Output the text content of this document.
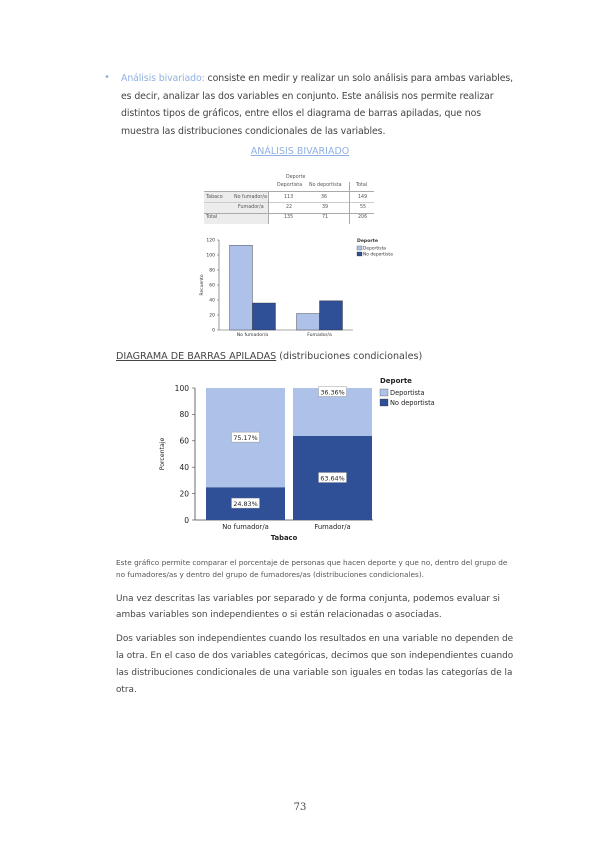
• Análisis bivariado: consiste en medir y realizar un solo análisis para ambas variables, es decir, analizar las dos variables en conjunto. Este análisis nos permite realizar distintos tipos de gráficos, entre ellos el diagrama de barras apiladas, que nos muestra las distribuciones condicionales de las variables.
ANÁLISIS BIVARIADO
Deporte
Deportista No deportista	Total
Tabaco No fumador/a	113	36	149
Fumador/a	22	39	55
Total	135	71	206
0
20
40
60
80
100
120
Recuento
No fumador/a	Fumador/a
Deporte
Deportista
No deportista
DIAGRAMA DE BARRAS APILADAS (distribuciones condicionales)
0
20
40
60
80
100
Porcentaje
24.83%
75.17%
No fumador/a
63.64%
36.36%
Fumador/a
Tabaco
Deporte
Deportista
No deportista
Este gráfico permite comparar el porcentaje de personas que hacen deporte y que no, dentro del grupo de no fumadores/as y dentro del grupo de fumadores/as (distribuciones condicionales).
Una vez descritas las variables por separado y de forma conjunta, podemos evaluar si ambas variables son independientes o si están relacionadas o asociadas.
Dos variables son independientes cuando los resultados en una variable no dependen de la otra. En el caso de dos variables categóricas, decimos que son independientes cuando las distribuciones condicionales de una variable son iguales en todas las categorías de la otra.
73
